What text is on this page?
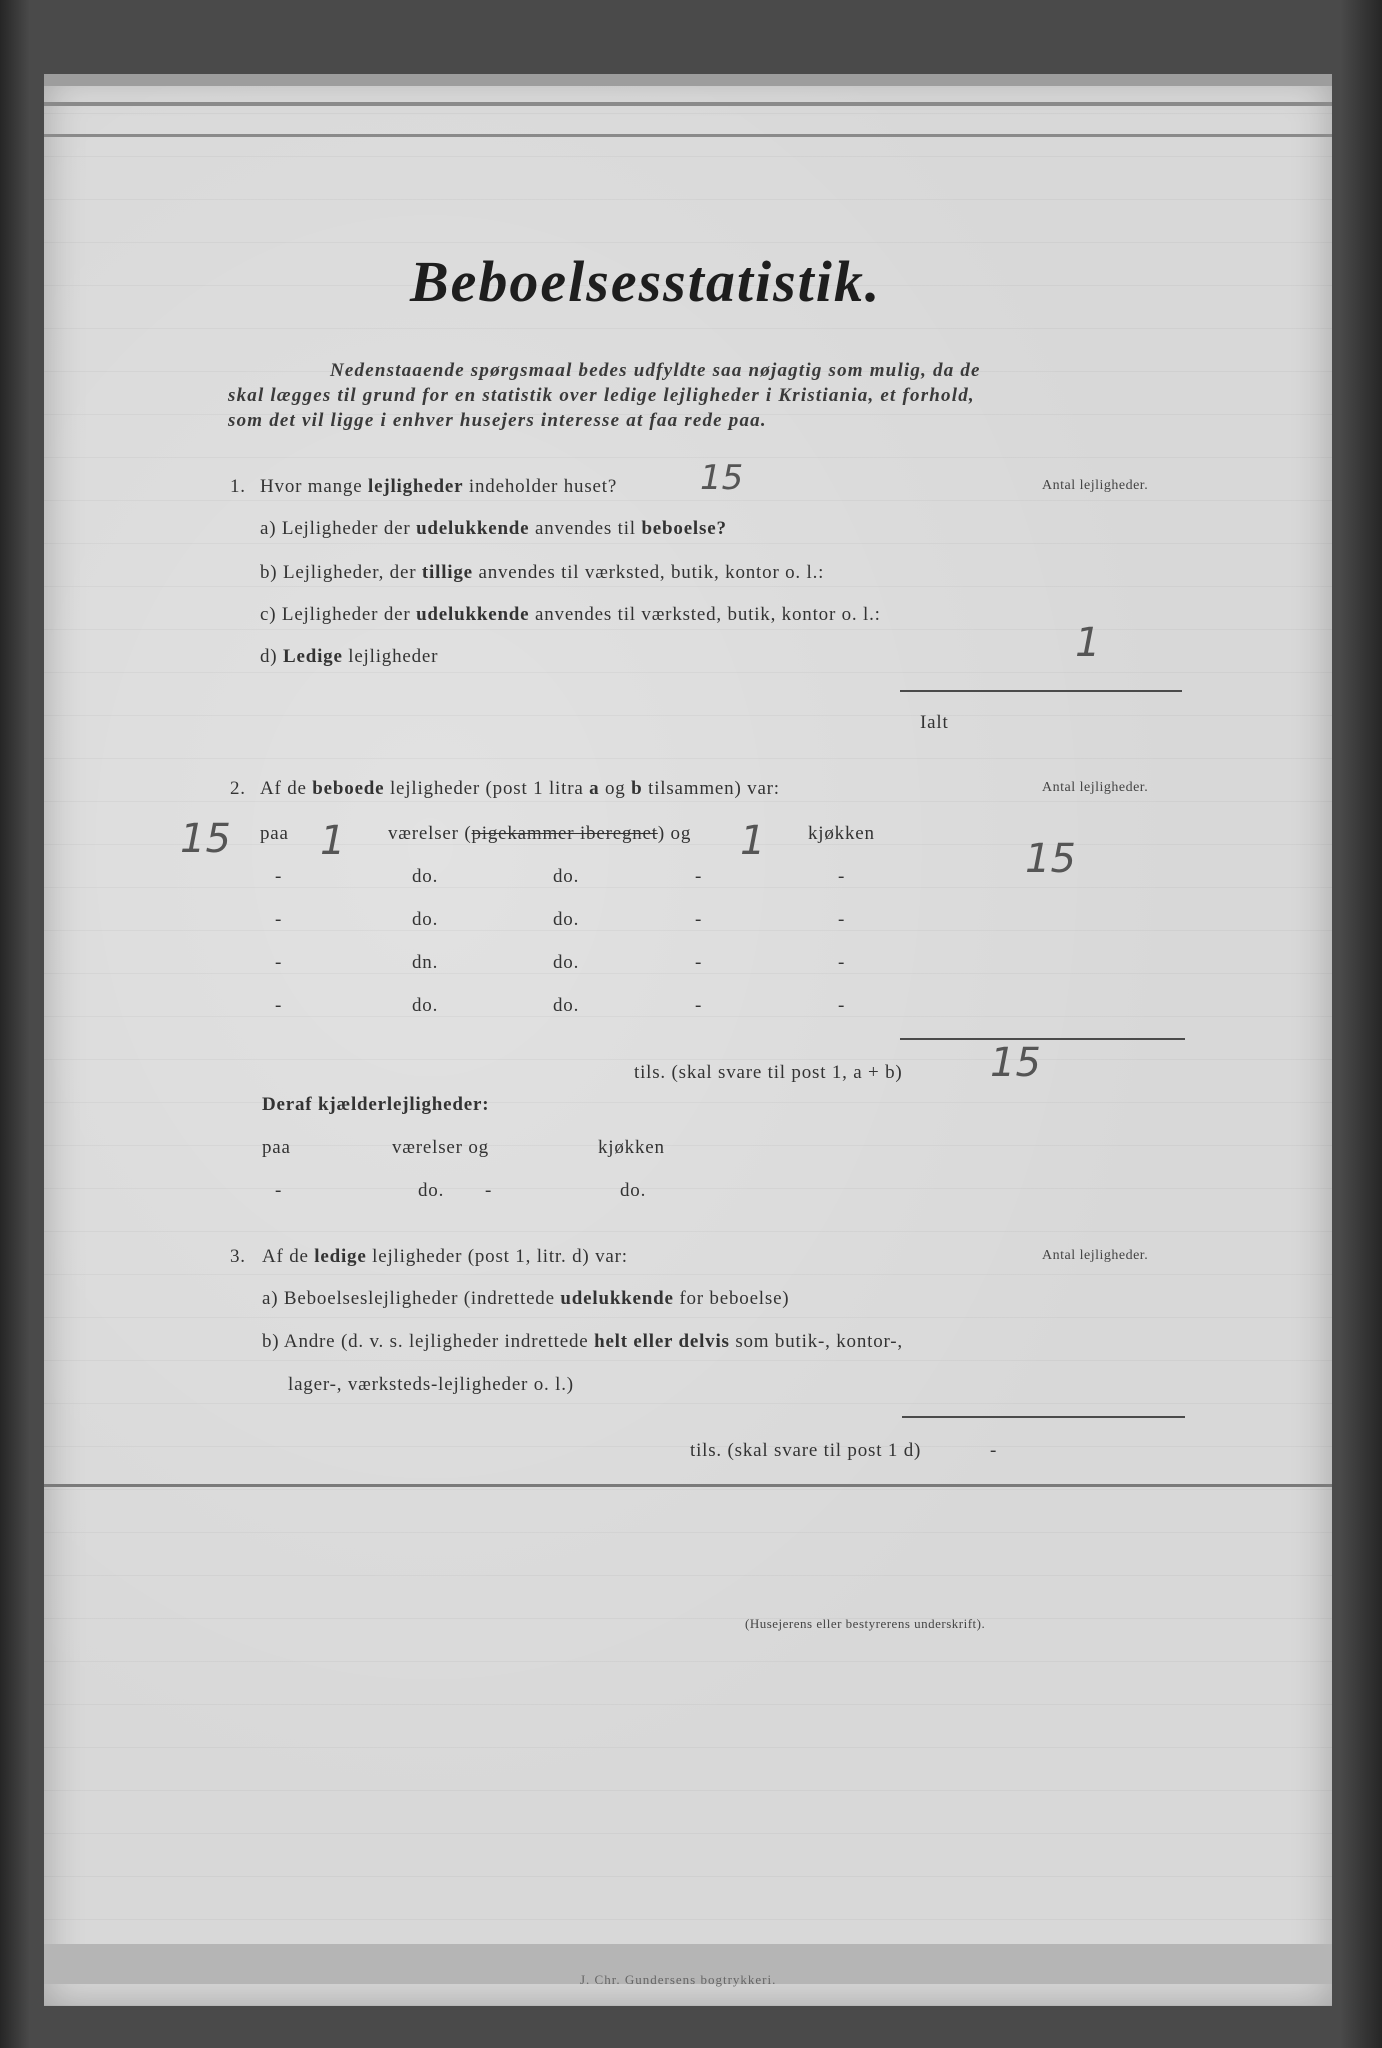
Beboelsesstatistik.
Nedenstaaende spørgsmaal bedes udfyldte saa nøjagtig som mulig, da de
skal lægges til grund for en statistik over ledige lejligheder i Kristiania, et forhold,
som det vil ligge i enhver husejers interesse at faa rede paa.
1. Hvor mange lejligheder indeholder huset? 15	Antal lejligheder.
a) Lejligheder der udelukkende anvendes til beboelse?
b) Lejligheder, der tillige anvendes til værksted, butik, kontor o. l.:
c) Lejligheder der udelukkende anvendes til værksted, butik, kontor o. l.:
d) Ledige lejligheder	1
Ialt
2. Af de beboede lejligheder (post 1 litra a og b tilsammen) var:	Antal lejligheder.
15 paa 1 værelser (pigekammer iberegnet) og 1 kjøkken
15
-	do.	do.	-	-
-	do.	do.	-	-
-	dn.	do.	-	-
-	do.	do.	-	-
tils. (skal svare til post 1, a + b) 15
Deraf kjælderlejligheder:
paa	værelser og	kjøkken
-	do. -	do.
3. Af de ledige lejligheder (post 1, litr. d) var:	Antal lejligheder.
a) Beboelseslejligheder (indrettede udelukkende for beboelse)
b) Andre (d. v. s. lejligheder indrettede helt eller delvis som butik-, kontor-,
lager-, værksteds-lejligheder o. l.)
tils. (skal svare til post 1 d)	-
(Husejerens eller bestyrerens underskrift).
J. Chr. Gundersens bogtrykkeri.
